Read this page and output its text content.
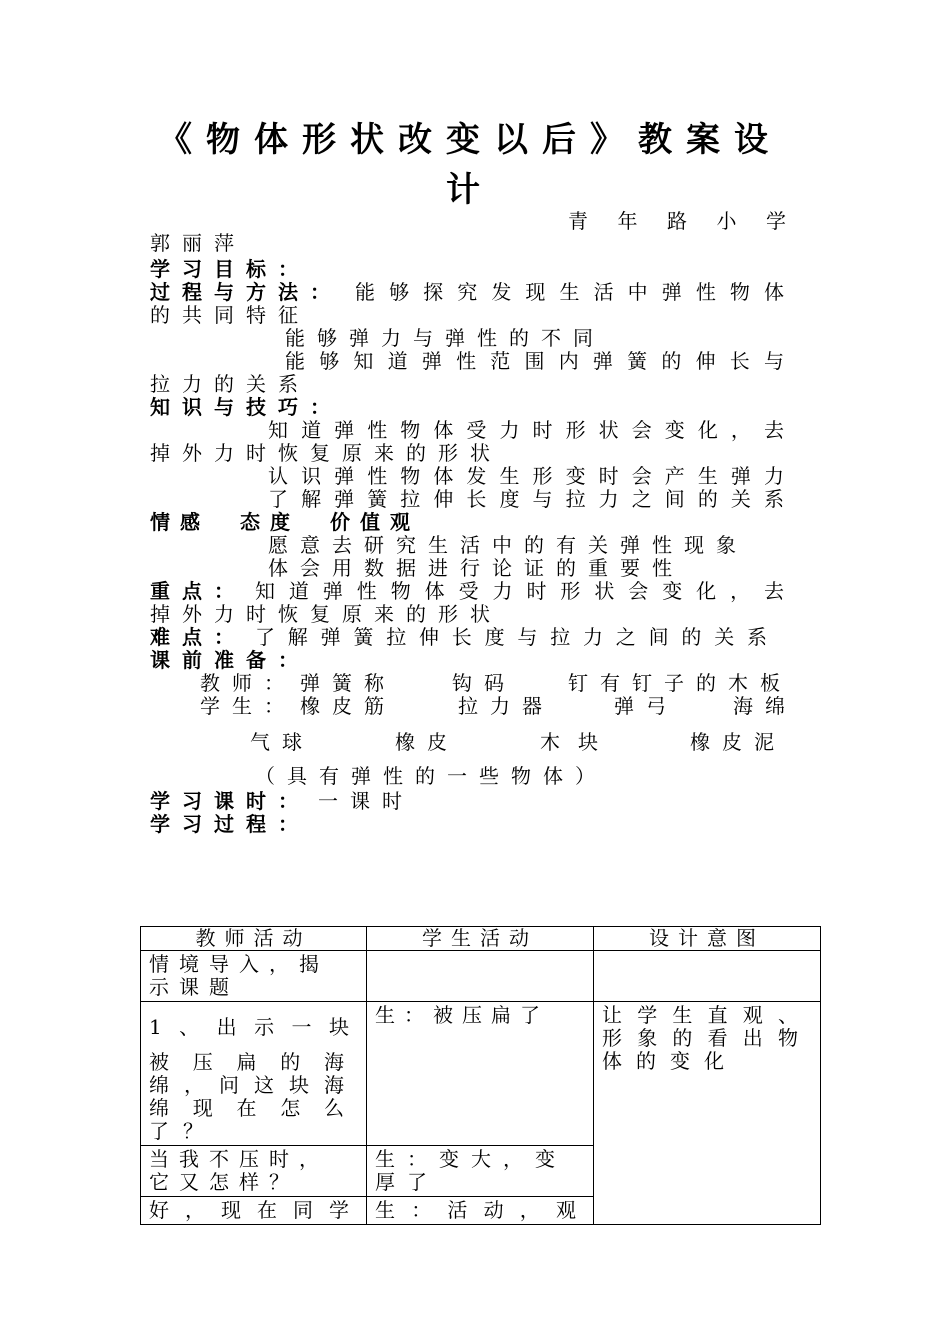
《物体形状改变以后》教案设
计
青 年 路 小 学
郭丽萍
学习目标：
过程与方法： 能够探究发现生活中弹性物体
的共同特征
能够弹力与弹性的不同
能够知道弹性范围内弹簧的伸长与
拉力的关系
知识与技巧：
知道弹性物体受力时形状会变化，去
掉外力时恢复原来的形状
认识弹性物体发生形变时会产生弹力
了解弹簧拉伸长度与拉力之间的关系
情感　态度　价值观
愿意去研究生活中的有关弹性现象
体会用数据进行论证的重要性
重点： 知道弹性物体受力时形状会变化，去
掉外力时恢复原来的形状
难点： 了解弹簧拉伸长度与拉力之间的关系
课前准备：
教师： 弹簧称	钩码	钉有钉子的木板
学生： 橡皮筋	拉力器	弹弓	海绵
气球	橡皮	木块	橡皮泥
（具有弹性的一些物体）
学习课时： 一课时
学习过程：
教师活动	学生活动	设计意图
情境导入，揭示课题		

1、出示一块
被压扁的海绵，问这块海绵现在怎么了？	生：被压扁了	让学生直观、形象的看出物体的变化
当我不压时，它又怎样？	生：变大，变厚了	
好，现在同学	生：活动，观	
